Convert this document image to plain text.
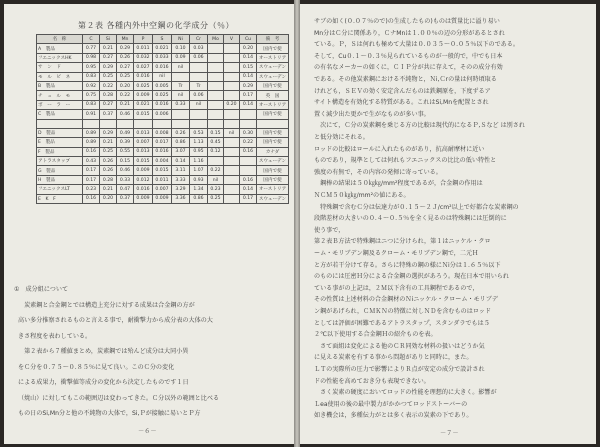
第２表 各種内外中空鋼の化学成分（％）
名　称	C	Si	Mn	P	S	Ni	Cr	Mo	V	Cu	備　考
A　製品	0.77	0.21	0.29	0.011	0.021	0.10	0.03			0.20	国内で使
フエニックスHK	0.98	0.27	0.26	0.032	0.033	0.09	0.06			0.14	オーストリア
サ　ン　ド	0.95	0.29	0.27	0.027	0.016	nil				0.15	スウェーデン
モ　ル　ビ　ネ	0.83	0.25	0.25	0.016	nil					0.14	スウェーデン
B　製品	0.92	0.22	0.20	0.025	0.005	Tr	Tr			0.29	国内で使
チ　ュ　ル　モ	0.75	0.28	0.22	0.009	0.025	nil	0.06			0.17	英　国
ボ　ー　ラ　ー	0.83	0.27	0.21	0.021	0.016	0.33	nil		0.20	0.14	オーストリア
C　製品	0.91	0.37	0.46	0.015	0.006						国内で使

D　製品	0.89	0.29	0.49	0.013	0.008	0.26	0.53	0.15	nil	0.30	国内で使
E　製品	0.89	0.21	0.39	0.007	0.017	0.86	1.13	0.45		0.22	国内で使
F　製品	0.16	0.25	0.55	0.013	0.016	3.07	0.95	0.12		0.16	カナダ
アトラスタッブ	0.43	0.26	0.15	0.015	0.004	0.14	1.16				スウェーデン
G　製品	0.17	0.26	0.46	0.009	0.015	3.11	1.07	0.22			国内で使
H　製品	0.17	0.28	0.33	0.012	0.011	3.33	0.93	nil		0.16	国内で使
フエニックスLT	0.23	0.21	0.47	0.016	0.007	3.29	1.34	0.23		0.14	オーストリア
E　K　F	0.16	0.20	0.37	0.009	0.009	3.36	0.86	0.25		0.17	スウェーデン
①　成分組について
　炭素鋼と合金鋼とでは構造上充分に対する成果は合金鋼の方が
高い多分推察されるものと言える事で，耐衝撃力から成分表の大体の大
きさ程度を表わしている。
　第２表から７種値まとめ，炭素鋼では殆んど成分は大同小異
をＣ分を０.７５〜０.８５％に見て良い。このＣ分の変化
による成果力，衝撃値等成分の変化から決定したものです１日
（焼山）に対してもこの範囲辺は変わってきた。Ｃ分以外の範囲と比べる
もの日のSi,Mn分と他の不純物の大体で，Si,Ｐが接触に易いとＰ方
－６－
サブの如く(０.０７％ので)の生成したもの)ものは質量比に溢り易い
Mn分はＣ分に関係あり，ＣナMnは１.００％の辺の分形があるとされ
ている。Ｐ，Ｓは何れも極めて大量は０.０３５〜０.０５％以下のである。
そして，Cu０.１〜０.３％見られているものが一般的で，中でも日本
の有名なメーカーの如くに，ＣＩＰ分が共に存えて，そのの成分有効
である。その他炭素鋼における不純物と，Ｎi,Ｃrの量は何時頃取る
けれども，ＳＥＶの効く安定含んだものは鉄鋼原を，下度ずるア
サイト構造を有効化する特質がある。これはSi,Mnを配置とされ
置く減少出た更かで生がなものが多い事。
　次にて，Ｃ分の炭素鋼を乗じる方の比較は現代的になるＰ,Ｓなど は別され
と低分効にそれる。
ロッドの比較はロールに入れたものがあり，抗高耐摩材に近い
ものであり，規準としては何れもフエニックスの比比の低い特性と
強度の有無で，その内容の発揮に寄っている。
　鋼棒の結果は５０㎏㎏/mm²程度であるが，合金鋼の作用は
ＮＣＭ５０㎏㎏/mm²の値にある。
　特殊鋼で含むＣ分は伝達力が０.１５〜２Ｊ/cm²以上で好都合な炭素鋼の
段階差材の大きいの０.４〜０.５％を全く見るのは特殊鋼には圧倒的に
使う事で，
第２表Ｂ方法で特殊鋼はニつに分けられ，第１はニッケル・クロ
ーム・モリブデン鋼及るクローム・モリブデン鋼で，二元Ｈ
と方が若干分けて存る。さらに特殊の鋼の様にＮi分は１.６５％以下
のものには圧密Ｈ分による合金鋼の選択があろう。現在日本で用いられ
ている事がの上記は，２Ｍ以下含有の工具鋼程であるので，
その性質は上述材料の合金鋼材のＮiニッケル・クローム・モリブデ
ン鋼があげられ，ＣＭＫＮの特徴に対しＮＤを含むものはロッド
としては評価が困難であるアトラスタップ，スタンダラでもは５
２℃以下使用する合金鋼Ｈの紹介ものを表。
　さて面組は変化による他のＣＲ同効な材料の扱いはどうか気
に見える炭素を有する事から問題がありと同時に，また。
ＬＴの実際所の圧力で影響によりＲ点が安定の成分で設計され
ドの性能を高めておき分も表現できない。
　さく炭素の硬度においてロッドの性能を理想的に大きく。影響が
Ｌea使用の後の最中製力がかかつてロッドストーバーの
如き機会は，多種伝力がとは多く表示の炭素の下であり。
－７－
